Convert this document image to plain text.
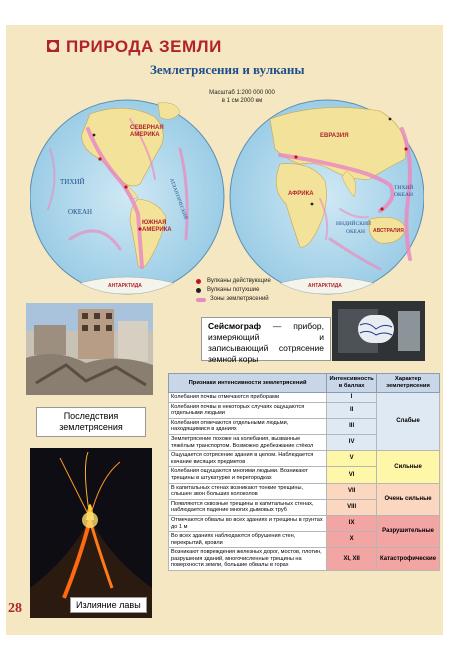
ПРИРОДА ЗЕМЛИ
Землетрясения и вулканы
СЕВЕРНАЯ
АМЕРИКА
ЮЖНАЯ
АМЕРИКА
ТИХИЙ
ОКЕАН	АТЛАНТИЧЕСКИЙ
АНТАРКТИДА
ЕВРАЗИЯ
АФРИКА
ИНДИЙСКИЙ
ОКЕАН АВСТРАЛИЯ
АНТАРКТИДА
ТИХИЙ
ОКЕАН
Масштаб 1:200 000 000
в 1 см 2000 км
Вулканы действующие
Вулканы потухшие
Зоны землетрясений
Последствия землетрясения
Сейсмограф — прибор, измеряющий и записывающий сотрясение земной коры
Излияние лавы
28
Признаки интенсивности землетрясений	Интенсивность в баллах	Характер землетрясения
Колебания почвы отмечаются приборами	I	Слабые
Колебания почвы в некоторых случаях ощущаются отдельными людьми	II	
Колебания отмечаются отдельными людьми, находящимися в зданиях	III	
Землетрясение похоже на колебания, вызванные тяжёлым транспортом. Возможно дребезжание стёкол	IV	
Ощущается сотрясение здания в целом. Наблюдается качание висящих предметов	V	Сильные
Колебания ощущаются многими людьми. Возникают трещины в штукатурке и перегородках	VI	
В капитальных стенах возникают тонкие трещины, слышен звон больших колоколов	VII	Очень сильные
Появляются сквозные трещины в капитальных стенах, наблюдается падение многих дымовых труб	VIII	
Отмечаются обвалы во всех зданиях и трещины в грунтах до 1 м	IX	Разрушительные
Во всех зданиях наблюдаются обрушения стен, перекрытий, кровли	X	
Возникают повреждения железных дорог, мостов, плотин, разрушения зданий, многочисленные трещины на поверхности земли, большие обвалы в горах	XI, XII	Катастрофические
